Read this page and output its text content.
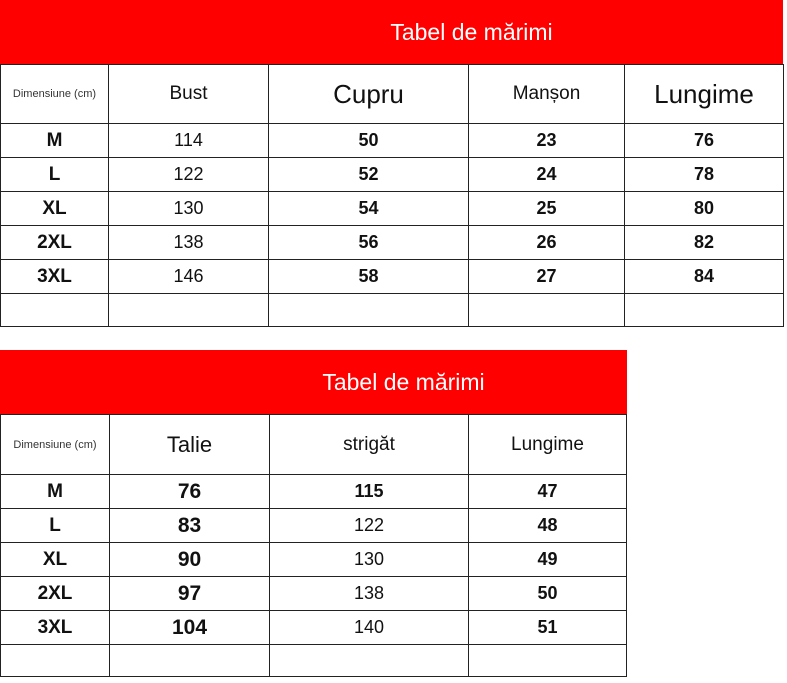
Tabel de mărimi
Dimensiune (cm)	Bust	Cupru	Manșon	Lungime
M	114	50	23	76
L	122	52	24	78
XL	130	54	25	80
2XL	138	56	26	82
3XL	146	58	27	84

Tabel de mărimi
Dimensiune (cm)	Talie	strigăt	Lungime
M	76	115	47
L	83	122	48
XL	90	130	49
2XL	97	138	50
3XL	104	140	51
